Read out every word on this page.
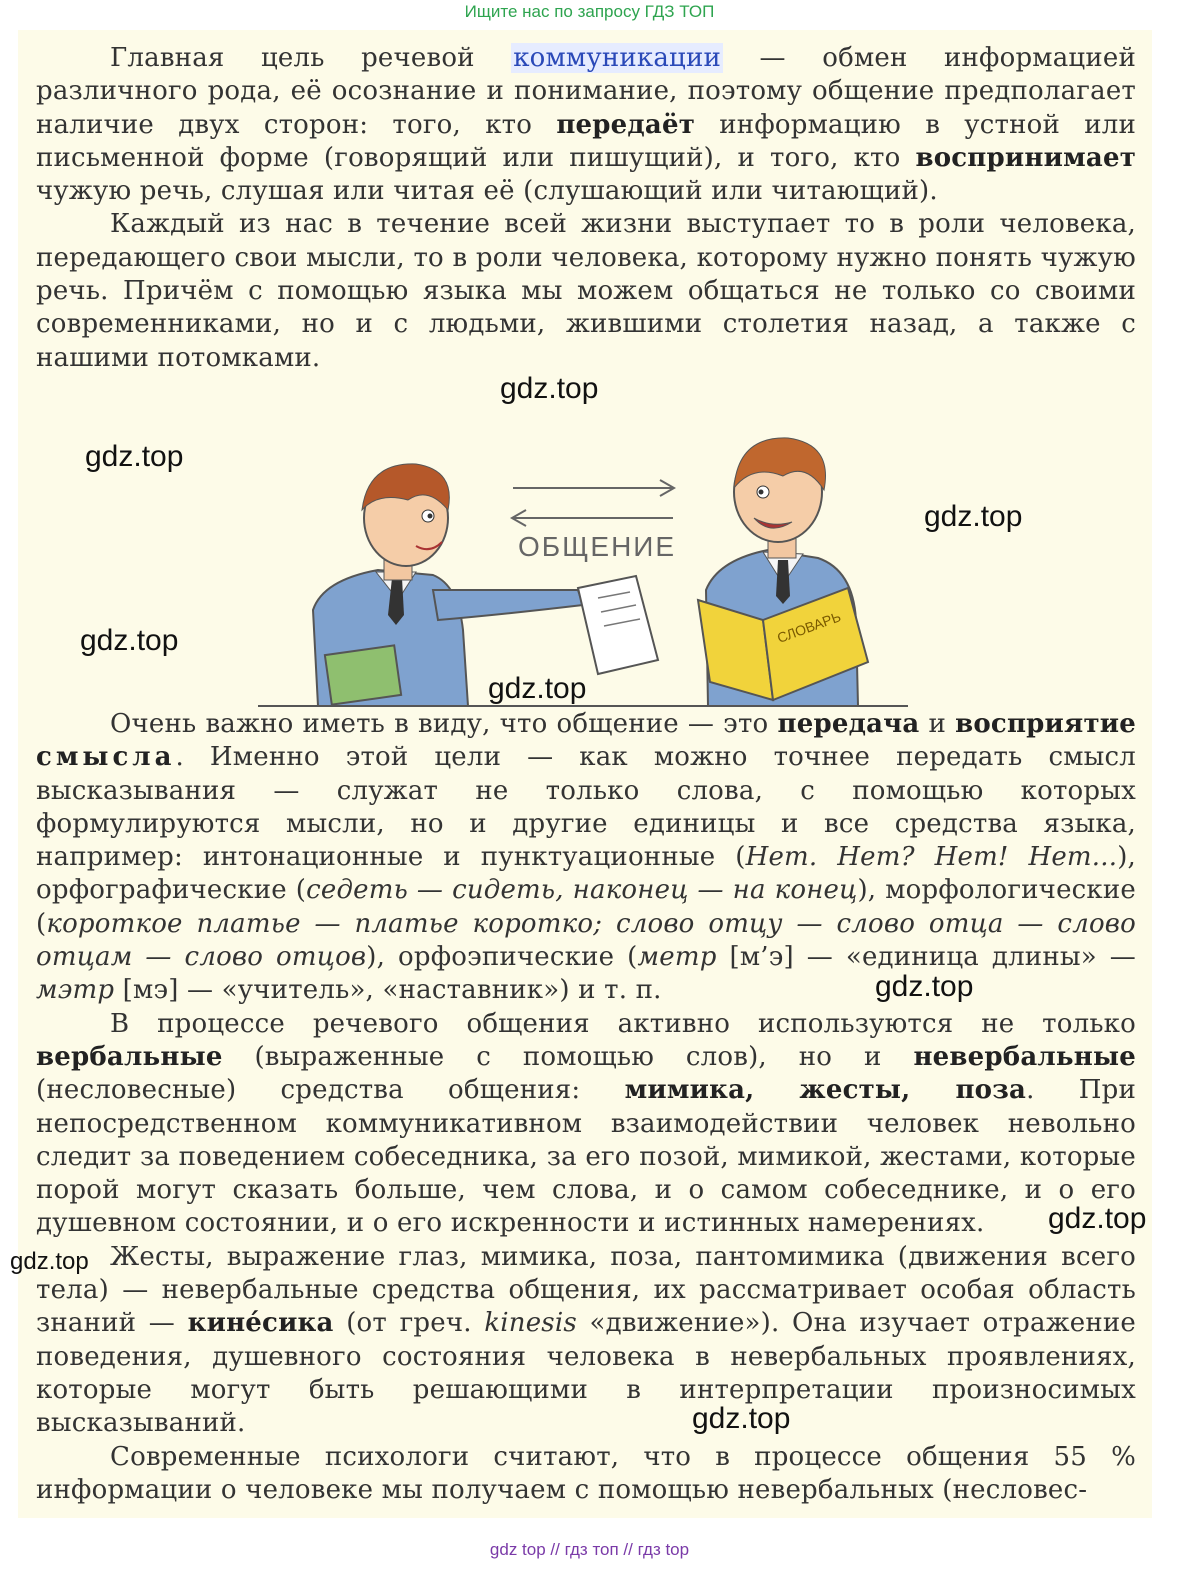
Ищите нас по запросу ГДЗ ТОП

Главная цель речевой коммуникации — обмен информацией различного рода, её осознание и понимание, поэтому общение предполагает наличие двух сторон: того, кто передаёт информацию в устной или письменной форме (говорящий или пишущий), и того, кто воспринимает чужую речь, слушая или читая её (слушающий или читающий).

Каждый из нас в течение всей жизни выступает то в роли человека, передающего свои мысли, то в роли человека, которому нужно понять чужую речь. Причём с помощью языка мы можем общаться не только со своими современниками, но и с людьми, жившими столетия назад, а также с нашими потомками.

ОБЩЕНИЕ
СЛОВАРЬ

Очень важно иметь в виду, что общение — это передача и восприятие смысла. Именно этой цели — как можно точнее передать смысл высказывания — служат не только слова, с помощью которых формулируются мысли, но и другие единицы и все средства языка, например: интонационные и пунктуационные (Нет. Нет? Нет! Нет...), орфографические (седеть — сидеть, наконец — на конец), морфологические (короткое платье — платье коротко; слово отцу — слово отца — слово отцам — слово отцов), орфоэпические (метр [м’э] — «единица длины» — мэтр [мэ] — «учитель», «наставник») и т. п.

В процессе речевого общения активно используются не только вербальные (выраженные с помощью слов), но и невербальные (несловесные) средства общения: мимика, жесты, поза. При непосредственном коммуникативном взаимодействии человек невольно следит за поведением собеседника, за его позой, мимикой, жестами, которые порой могут сказать больше, чем слова, и о самом собеседнике, и о его душевном состоянии, и о его искренности и истинных намерениях.

Жесты, выражение глаз, мимика, поза, пантомимика (движения всего тела) — невербальные средства общения, их рассматривает особая область знаний — кинéсика (от греч. kinesis «движение»). Она изучает отражение поведения, душевного состояния человека в невербальных проявлениях, которые могут быть решающими в интерпретации произносимых высказываний.

Современные психологи считают, что в процессе общения 55 % информации о человеке мы получаем с помощью невербальных (несловес-

gdz.top
gdz.top
gdz.top
gdz.top
gdz.top
gdz.top
gdz.top
gdz.top
gdz.top
gdz top // гдз топ // гдз top
